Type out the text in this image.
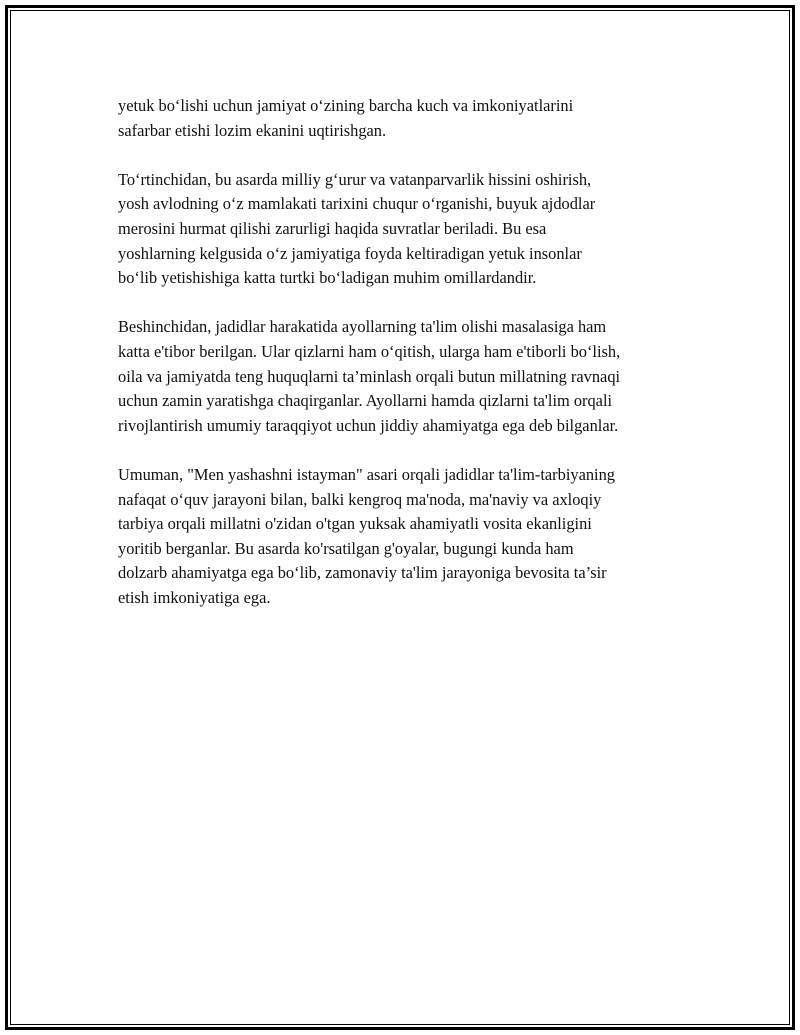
yetuk bo‘lishi uchun jamiyat o‘zining barcha kuch va imkoniyatlarini
safarbar etishi lozim ekanini uqtirishgan.

To‘rtinchidan, bu asarda milliy g‘urur va vatanparvarlik hissini oshirish,
yosh avlodning o‘z mamlakati tarixini chuqur o‘rganishi, buyuk ajdodlar
merosini hurmat qilishi zarurligi haqida suvratlar beriladi. Bu esa
yoshlarning kelgusida o‘z jamiyatiga foyda keltiradigan yetuk insonlar
bo‘lib yetishishiga katta turtki bo‘ladigan muhim omillardandir.

Beshinchidan, jadidlar harakatida ayollarning ta'lim olishi masalasiga ham
katta e'tibor berilgan. Ular qizlarni ham o‘qitish, ularga ham e'tiborli bo‘lish,
oila va jamiyatda teng huquqlarni ta’minlash orqali butun millatning ravnaqi
uchun zamin yaratishga chaqirganlar. Ayollarni hamda qizlarni ta'lim orqali
rivojlantirish umumiy taraqqiyot uchun jiddiy ahamiyatga ega deb bilganlar.

Umuman, "Men yashashni istayman" asari orqali jadidlar ta'lim-tarbiyaning
nafaqat o‘quv jarayoni bilan, balki kengroq ma'noda, ma'naviy va axloqiy
tarbiya orqali millatni o'zidan o'tgan yuksak ahamiyatli vosita ekanligini
yoritib berganlar. Bu asarda ko'rsatilgan g'oyalar, bugungi kunda ham
dolzarb ahamiyatga ega bo‘lib, zamonaviy ta'lim jarayoniga bevosita ta’sir
etish imkoniyatiga ega.
